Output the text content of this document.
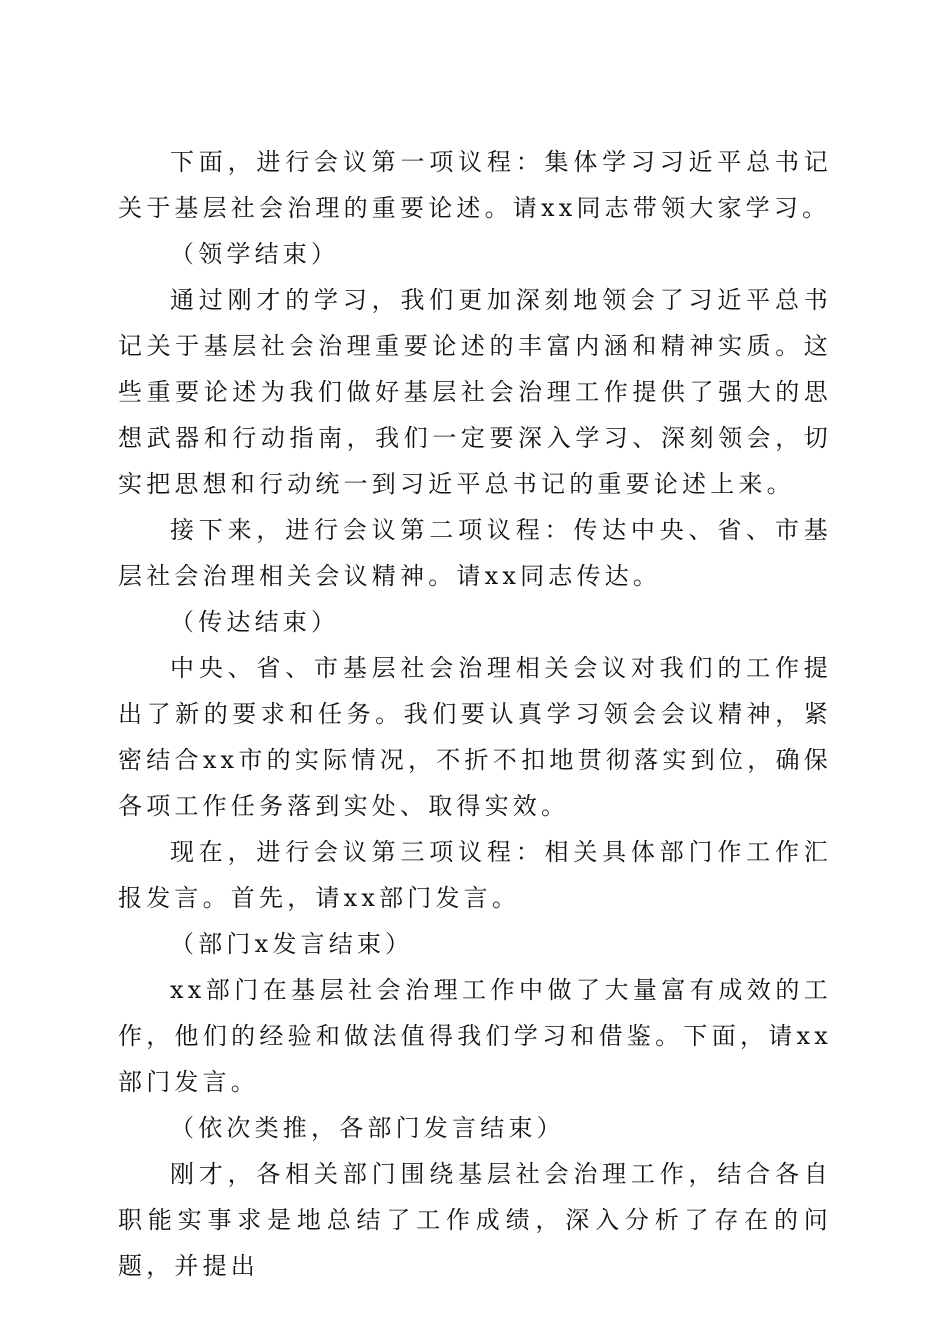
下面，进行会议第一项议程：集体学习习近平总书记关于基层社会治理的重要论述。请xx同志带领大家学习。

（领学结束）

通过刚才的学习，我们更加深刻地领会了习近平总书记关于基层社会治理重要论述的丰富内涵和精神实质。这些重要论述为我们做好基层社会治理工作提供了强大的思想武器和行动指南，我们一定要深入学习、深刻领会，切实把思想和行动统一到习近平总书记的重要论述上来。

接下来，进行会议第二项议程：传达中央、省、市基层社会治理相关会议精神。请xx同志传达。

（传达结束）

中央、省、市基层社会治理相关会议对我们的工作提出了新的要求和任务。我们要认真学习领会会议精神，紧密结合xx市的实际情况，不折不扣地贯彻落实到位，确保各项工作任务落到实处、取得实效。

现在，进行会议第三项议程：相关具体部门作工作汇报发言。首先，请xx部门发言。

（部门x发言结束）

xx部门在基层社会治理工作中做了大量富有成效的工作，他们的经验和做法值得我们学习和借鉴。下面，请xx部门发言。

（依次类推，各部门发言结束）

刚才，各相关部门围绕基层社会治理工作，结合各自职能实事求是地总结了工作成绩，深入分析了存在的问题，并提出
